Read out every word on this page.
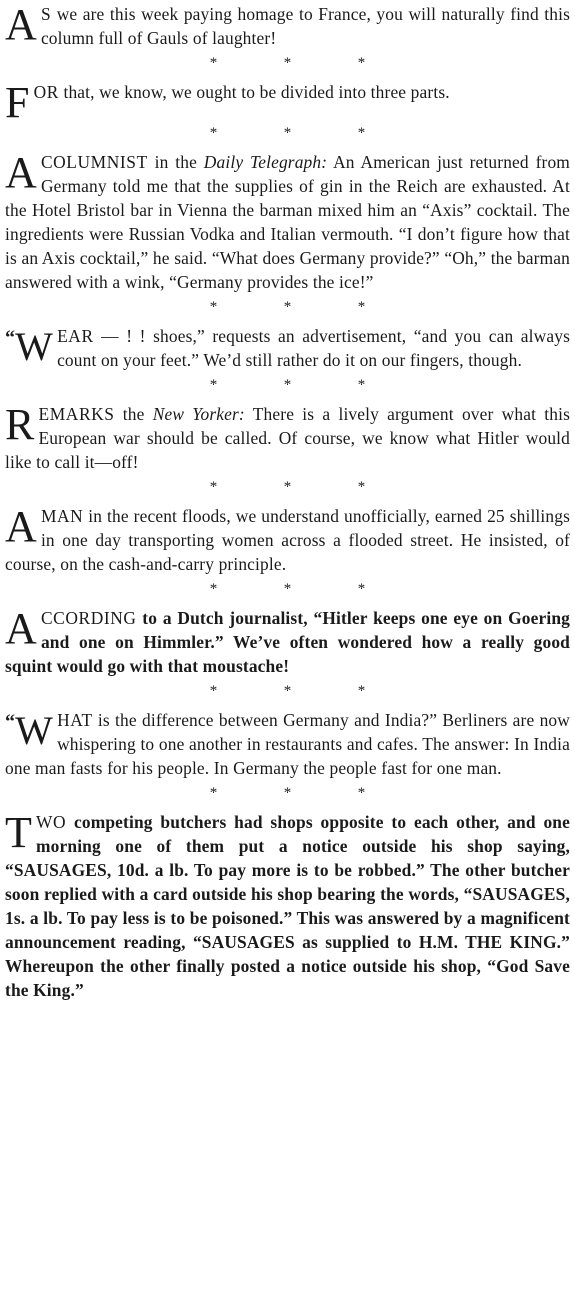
A S we are this week paying homage to France, you will naturally find this column full of Gauls of laughter!

*	*	*

FOR that, we know, we ought to be divided into three parts.

*	*	*

A COLUMNIST in the Daily Telegraph: An American just returned from Germany told me that the supplies of gin in the Reich are exhausted. At the Hotel Bristol bar in Vienna the barman mixed him an “Axis” cocktail. The ingredients were Russian Vodka and Italian vermouth. “I don’t figure how that is an Axis cocktail,” he said. “What does Germany provide?” “Oh,” the barman answered with a wink, “Germany provides the ice!”

*	*	*

“W EAR — ! ! shoes,” requests an advertisement, “and you can always count on your feet.” We’d still rather do it on our fingers, though.

*	*	*

REMARKS the New Yorker: There is a lively argument over what this European war should be called. Of course, we know what Hitler would like to call it—off!

*	*	*

A MAN in the recent floods, we understand unofficially, earned 25 shillings in one day transporting women across a flooded street. He insisted, of course, on the cash-and-carry principle.

*	*	*

ACCORDING to a Dutch journalist, “Hitler keeps one eye on Goering and one on Himmler.” We’ve often wondered how a really good squint would go with that moustache!

*	*	*

“W HAT is the difference between Germany and India?” Berliners are now whispering to one another in restaurants and cafes. The answer: In India one man fasts for his people. In Germany the people fast for one man.

*	*	*

TWO competing butchers had shops opposite to each other, and one morning one of them put a notice outside his shop saying, “SAUSAGES, 10d. a lb. To pay more is to be robbed.” The other butcher soon replied with a card outside his shop bearing the words, “SAUSAGES, 1s. a lb. To pay less is to be poisoned.” This was answered by a magnificent announcement reading, “SAUSAGES as supplied to H.M. THE KING.” Whereupon the other finally posted a notice outside his shop, “God Save the King.”
